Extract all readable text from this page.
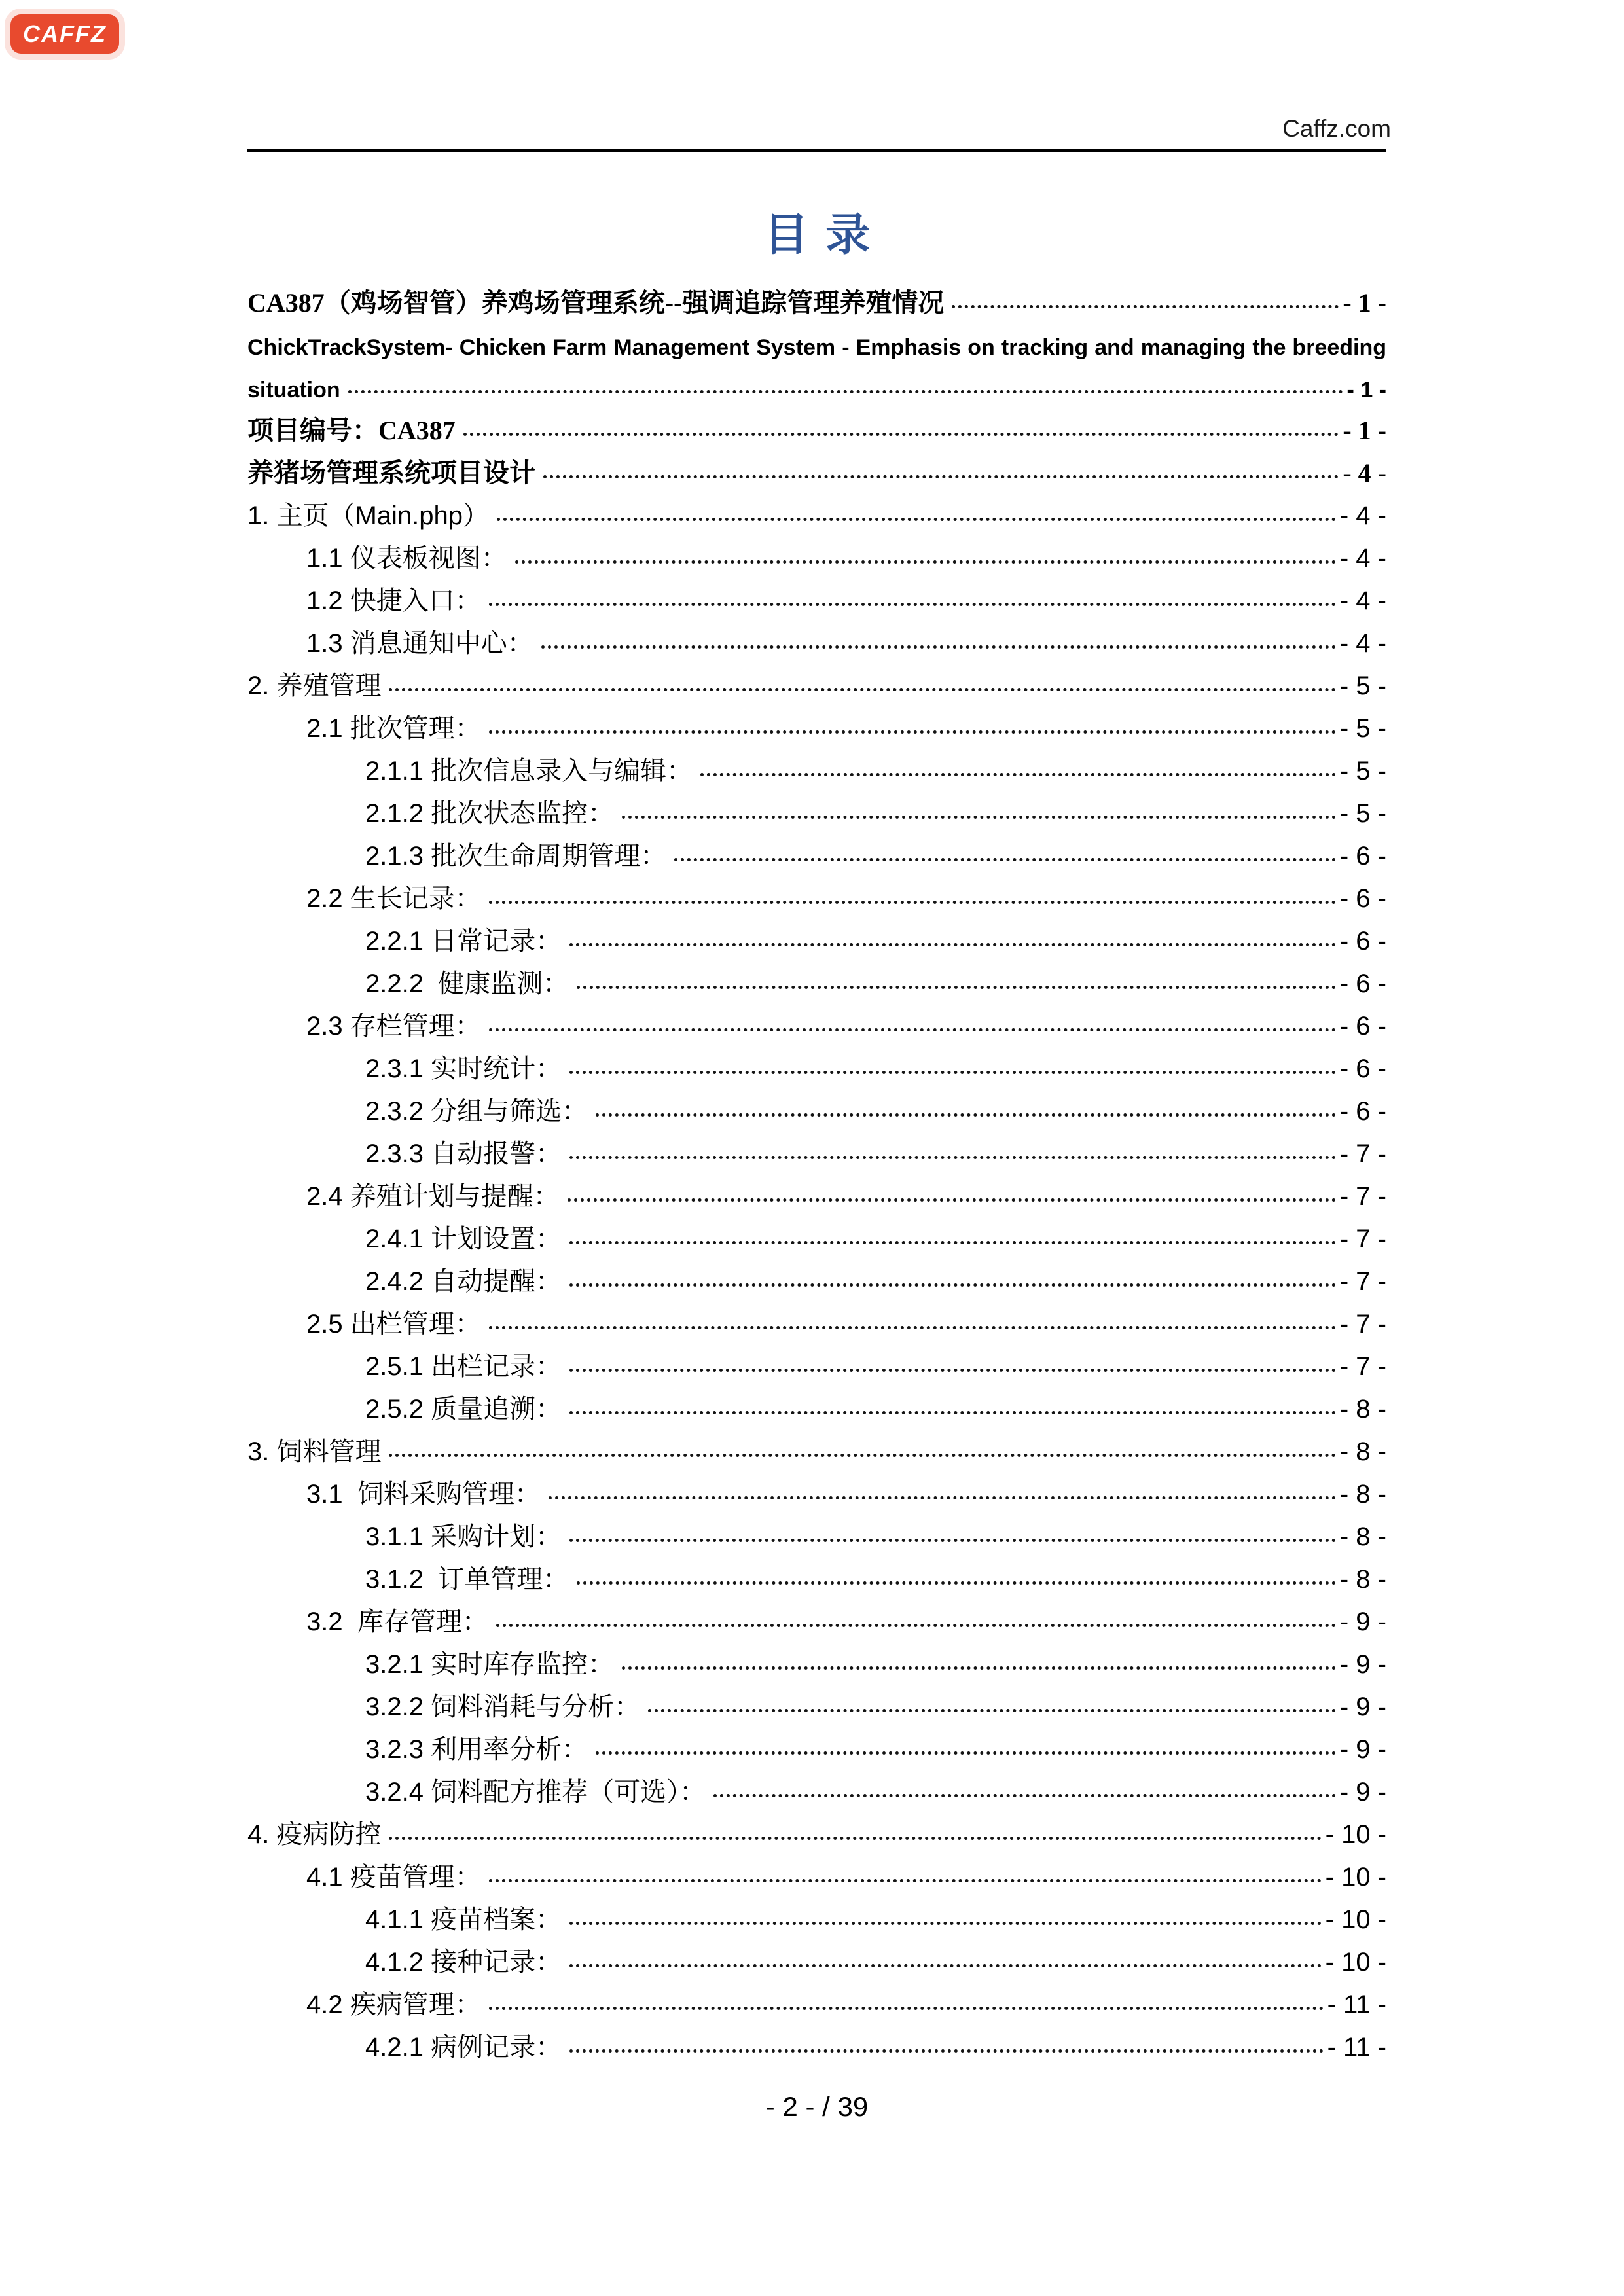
CAFFZ
Caffz.com
目录
CA387（鸡场智管）养鸡场管理系统--强调追踪管理养殖情况	- 1 -
ChickTrackSystem- Chicken Farm Management System - Emphasis on tracking and managing the breeding
situation	- 1 -
项目编号：CA387	- 1 -
养猪场管理系统项目设计	- 4 -
1. 主页（Main.php）	- 4 -
1.1 仪表板视图：	- 4 -
1.2 快捷入口：	- 4 -
1.3 消息通知中心：	- 4 -
2. 养殖管理	- 5 -
2.1 批次管理：	- 5 -
2.1.1 批次信息录入与编辑：	- 5 -
2.1.2 批次状态监控：	- 5 -
2.1.3 批次生命周期管理：	- 6 -
2.2 生长记录：	- 6 -
2.2.1 日常记录：	- 6 -
2.2.2  健康监测：	- 6 -
2.3 存栏管理：	- 6 -
2.3.1 实时统计：	- 6 -
2.3.2 分组与筛选：	- 6 -
2.3.3 自动报警：	- 7 -
2.4 养殖计划与提醒：	- 7 -
2.4.1 计划设置：	- 7 -
2.4.2 自动提醒：	- 7 -
2.5 出栏管理：	- 7 -
2.5.1 出栏记录：	- 7 -
2.5.2 质量追溯：	- 8 -
3. 饲料管理	- 8 -
3.1  饲料采购管理：	- 8 -
3.1.1 采购计划：	- 8 -
3.1.2  订单管理：	- 8 -
3.2  库存管理：	- 9 -
3.2.1 实时库存监控：	- 9 -
3.2.2 饲料消耗与分析：	- 9 -
3.2.3 利用率分析：	- 9 -
3.2.4 饲料配方推荐（可选）：	- 9 -
4. 疫病防控	- 10 -
4.1 疫苗管理：	- 10 -
4.1.1 疫苗档案：	- 10 -
4.1.2 接种记录：	- 10 -
4.2 疾病管理：	- 11 -
4.2.1 病例记录：	- 11 -
- 2 - / 39
